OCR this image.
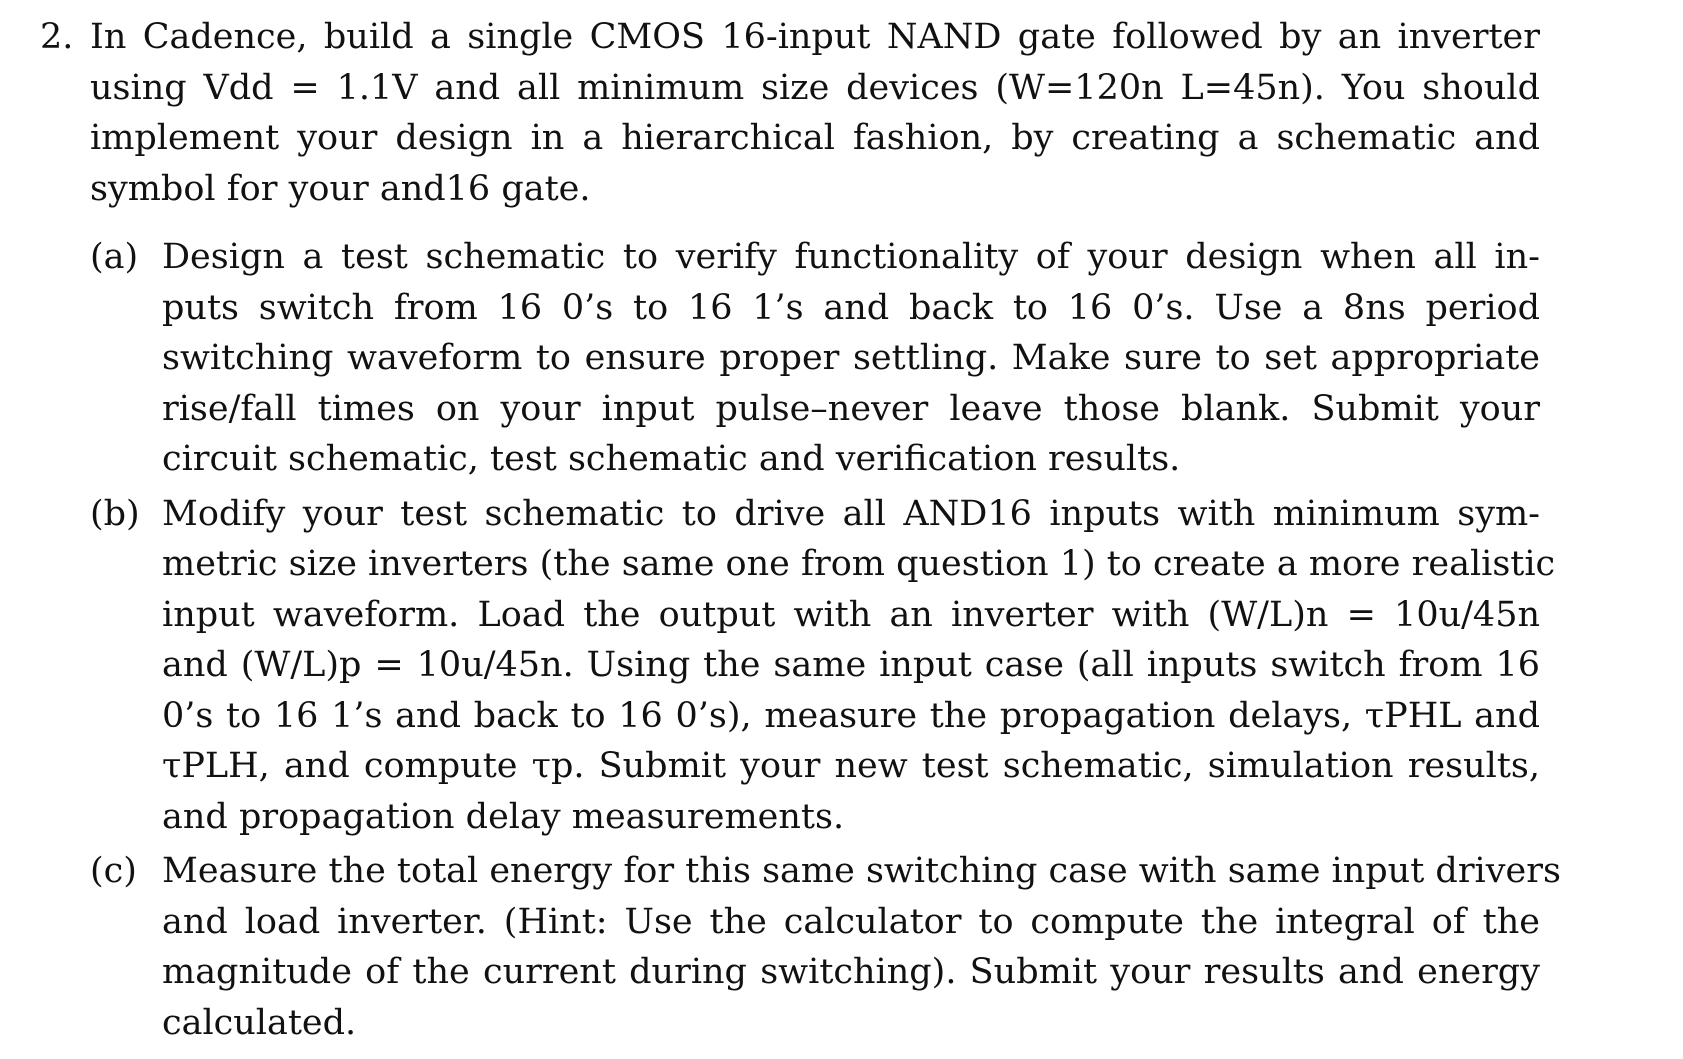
2. In Cadence, build a single CMOS 16-input NAND gate followed by an inverter
using Vdd = 1.1V and all minimum size devices (W=120n L=45n). You should
implement your design in a hierarchical fashion, by creating a schematic and
symbol for your and16 gate.
(a) Design a test schematic to verify functionality of your design when all in-
puts switch from 16 0’s to 16 1’s and back to 16 0’s. Use a 8ns period
switching waveform to ensure proper settling. Make sure to set appropriate
rise/fall times on your input pulse–never leave those blank. Submit your
circuit schematic, test schematic and verification results.
(b) Modify your test schematic to drive all AND16 inputs with minimum sym-
metric size inverters (the same one from question 1) to create a more realistic
input waveform. Load the output with an inverter with (W/L)n = 10u/45n
and (W/L)p = 10u/45n. Using the same input case (all inputs switch from 16
0’s to 16 1’s and back to 16 0’s), measure the propagation delays, τPHL and
τPLH, and compute τp. Submit your new test schematic, simulation results,
and propagation delay measurements.
(c) Measure the total energy for this same switching case with same input drivers
and load inverter. (Hint: Use the calculator to compute the integral of the
magnitude of the current during switching). Submit your results and energy
calculated.
